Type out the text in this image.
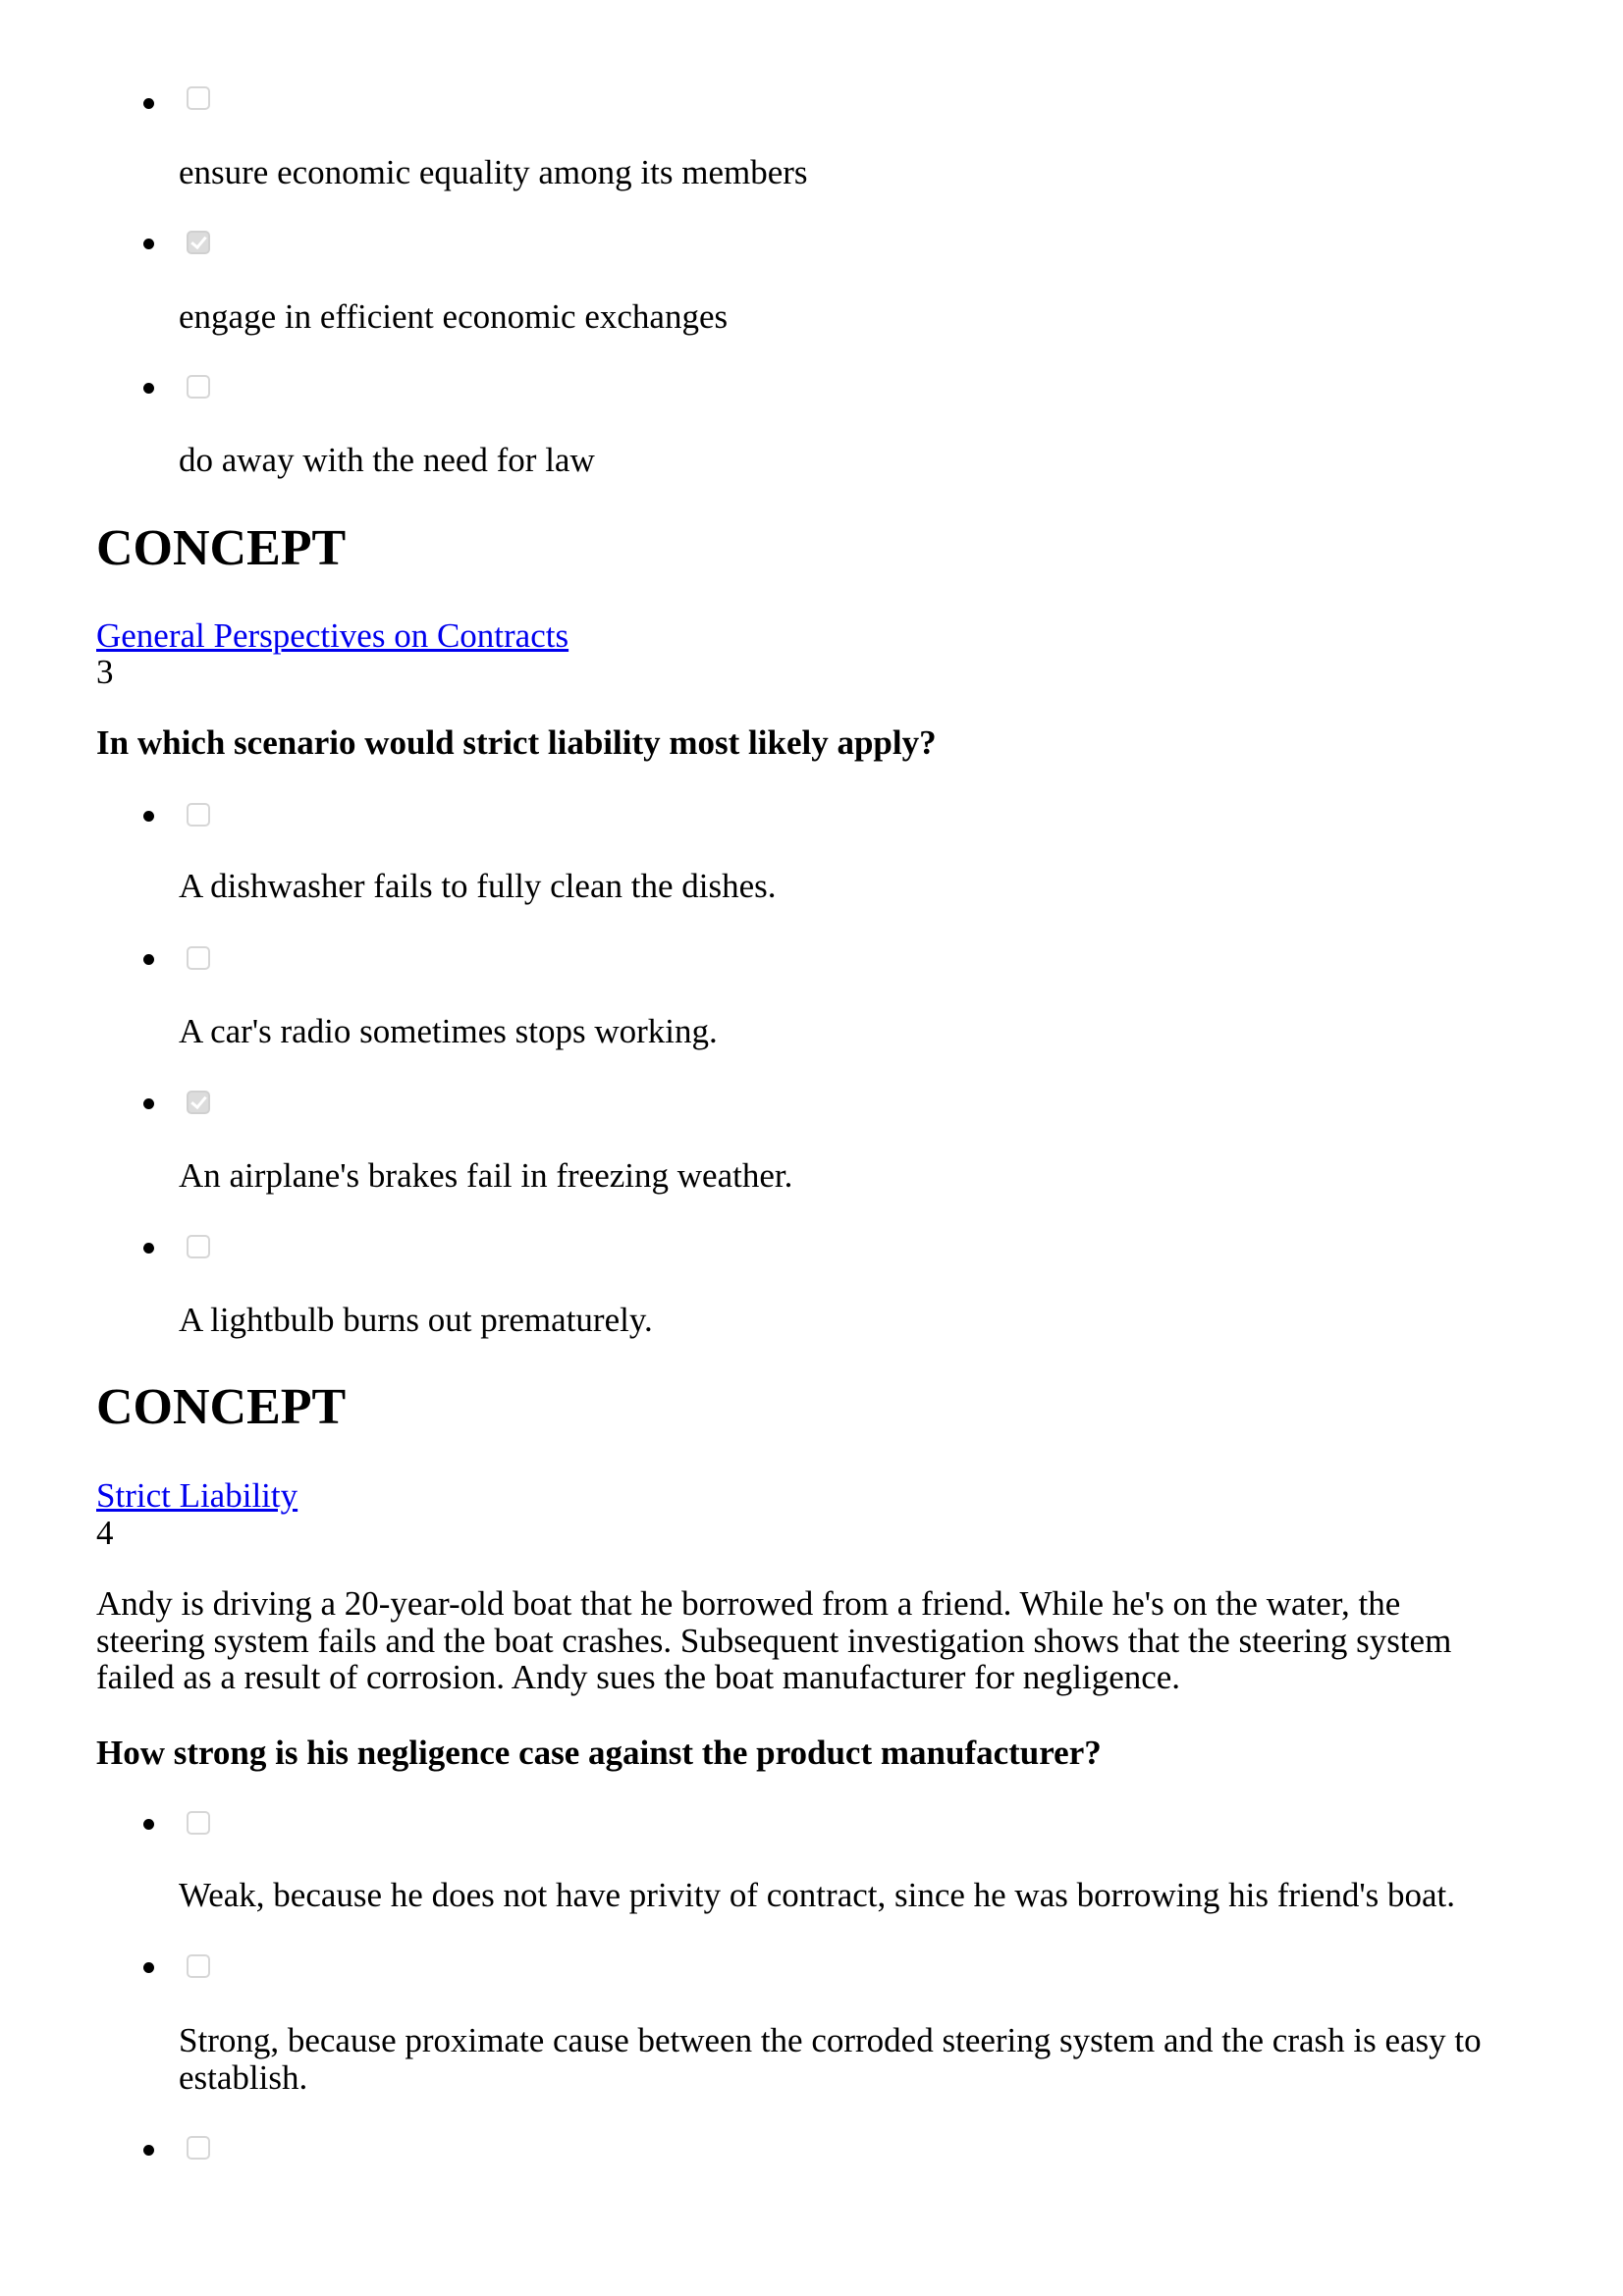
ensure economic equality among its members
engage in efficient economic exchanges
do away with the need for law
CONCEPT
General Perspectives on Contracts
3
In which scenario would strict liability most likely apply?
A dishwasher fails to fully clean the dishes.
A car's radio sometimes stops working.
An airplane's brakes fail in freezing weather.
A lightbulb burns out prematurely.
CONCEPT
Strict Liability
4
Andy is driving a 20-year-old boat that he borrowed from a friend. While he's on the water, the steering system fails and the boat crashes. Subsequent investigation shows that the steering system failed as a result of corrosion. Andy sues the boat manufacturer for negligence.
How strong is his negligence case against the product manufacturer?
Weak, because he does not have privity of contract, since he was borrowing his friend's boat.
Strong, because proximate cause between the corroded steering system and the crash is easy to establish.
